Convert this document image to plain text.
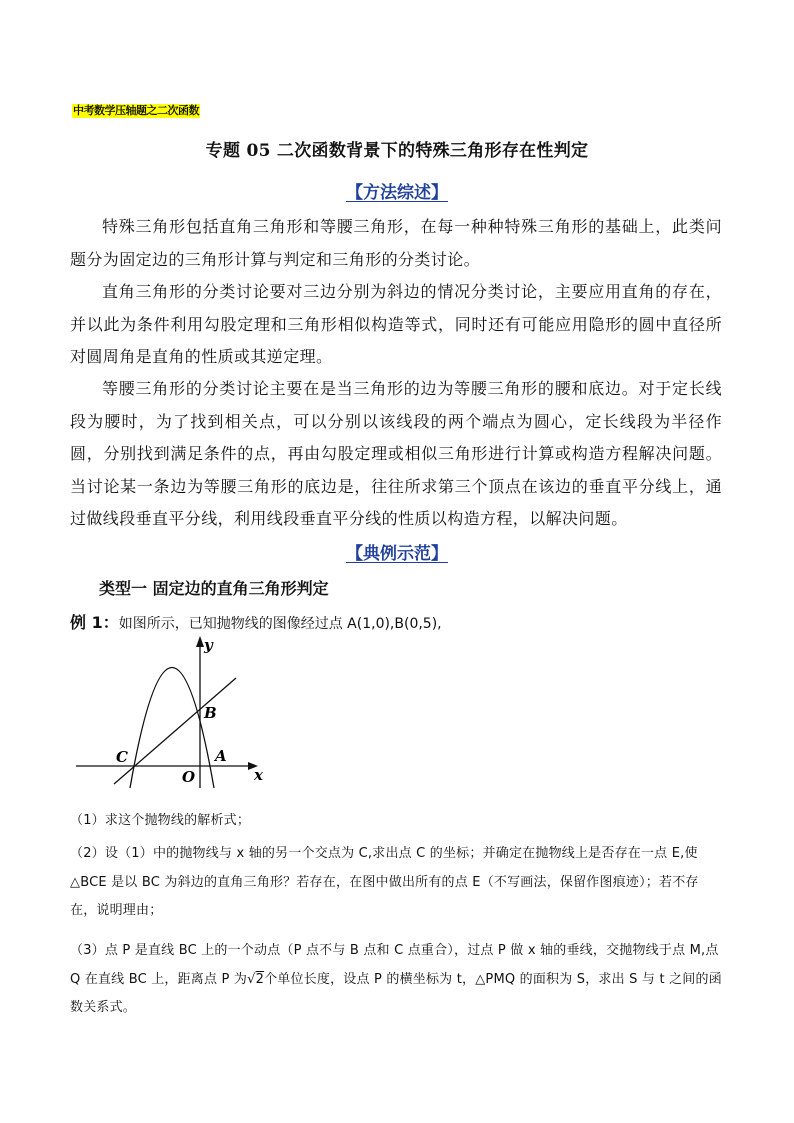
中考数学压轴题之二次函数
专题 05 二次函数背景下的特殊三角形存在性判定
【方法综述】
特殊三角形包括直角三角形和等腰三角形，在每一种种特殊三角形的基础上，此类问题分为固定边的三角形计算与判定和三角形的分类讨论。
直角三角形的分类讨论要对三边分别为斜边的情况分类讨论，主要应用直角的存在，并以此为条件利用勾股定理和三角形相似构造等式，同时还有可能应用隐形的圆中直径所对圆周角是直角的性质或其逆定理。
等腰三角形的分类讨论主要在是当三角形的边为等腰三角形的腰和底边。对于定长线段为腰时，为了找到相关点，可以分别以该线段的两个端点为圆心，定长线段为半径作圆，分别找到满足条件的点，再由勾股定理或相似三角形进行计算或构造方程解决问题。当讨论某一条边为等腰三角形的底边是，往往所求第三个顶点在该边的垂直平分线上，通过做线段垂直平分线，利用线段垂直平分线的性质以构造方程，以解决问题。
【典例示范】
类型一 固定边的直角三角形判定
例 1：如图所示，已知抛物线的图像经过点 A(1,0),B(0,5),
y
x
B
C	A
O
（1）求这个抛物线的解析式；
（2）设（1）中的抛物线与 x 轴的另一个交点为 C,求出点 C 的坐标；并确定在抛物线上是否存在一点 E,使△BCE 是以 BC 为斜边的直角三角形？若存在，在图中做出所有的点 E（不写画法，保留作图痕迹）；若不存在，说明理由；
（3）点 P 是直线 BC 上的一个动点（P 点不与 B 点和 C 点重合），过点 P 做 x 轴的垂线，交抛物线于点 M,点 Q 在直线 BC 上，距离点 P 为√2个单位长度，设点 P 的横坐标为 t，△PMQ 的面积为 S，求出 S 与 t 之间的函数关系式。
